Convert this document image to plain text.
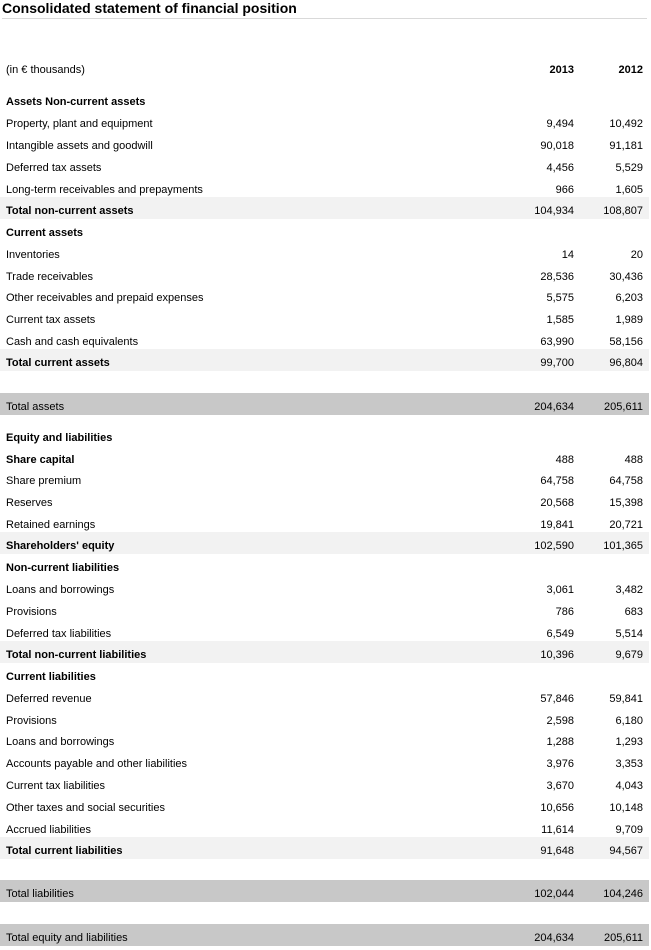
Consolidated statement of financial position
(in € thousands)	2013	2012
Assets Non-current assets
Property, plant and equipment	9,494	10,492
Intangible assets and goodwill	90,018	91,181
Deferred tax assets	4,456	5,529
Long-term receivables and prepayments	966	1,605
Total non-current assets	104,934	108,807
Current assets
Inventories	14	20
Trade receivables	28,536	30,436
Other receivables and prepaid expenses	5,575	6,203
Current tax assets	1,585	1,989
Cash and cash equivalents	63,990	58,156
Total current assets	99,700	96,804
Total assets	204,634	205,611
Equity and liabilities
Share capital	488	488
Share premium	64,758	64,758
Reserves	20,568	15,398
Retained earnings	19,841	20,721
Shareholders' equity	102,590	101,365
Non-current liabilities
Loans and borrowings	3,061	3,482
Provisions	786	683
Deferred tax liabilities	6,549	5,514
Total non-current liabilities	10,396	9,679
Current liabilities
Deferred revenue	57,846	59,841
Provisions	2,598	6,180
Loans and borrowings	1,288	1,293
Accounts payable and other liabilities	3,976	3,353
Current tax liabilities	3,670	4,043
Other taxes and social securities	10,656	10,148
Accrued liabilities	11,614	9,709
Total current liabilities	91,648	94,567
Total liabilities	102,044	104,246
Total equity and liabilities	204,634	205,611
